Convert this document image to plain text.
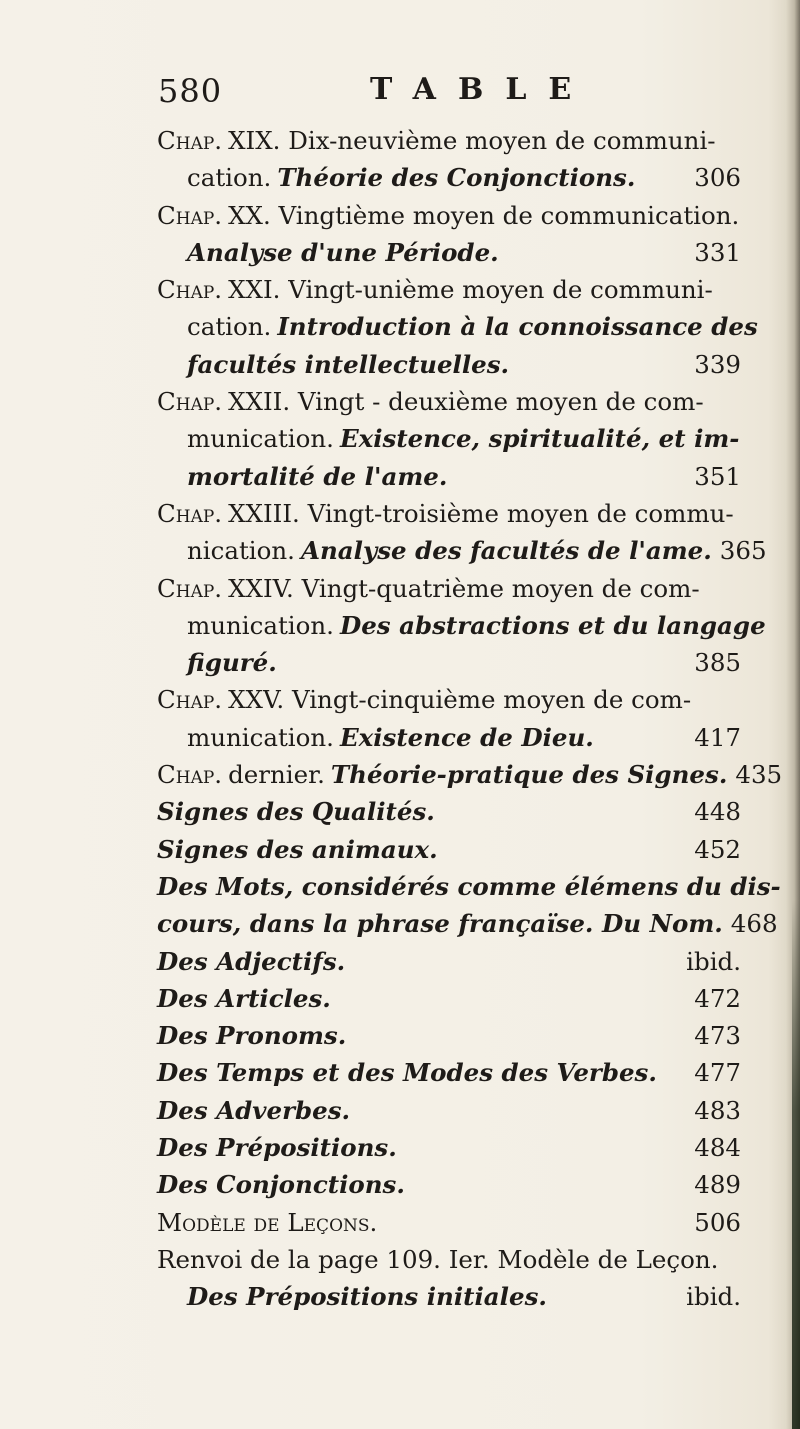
580	TABLE
Chap. XIX. Dix-neuvième moyen de communi-
cation. Théorie des Conjonctions.	306
Chap. XX. Vingtième moyen de communication.
Analyse d'une Période.	331
Chap. XXI. Vingt-unième moyen de communi-
cation. Introduction à la connoissance des
facultés intellectuelles.	339
Chap. XXII. Vingt - deuxième moyen de com-
munication. Existence, spiritualité, et im-
mortalité de l'ame.	351
Chap. XXIII. Vingt-troisième moyen de commu-
nication. Analyse des facultés de l'ame. 365
Chap. XXIV. Vingt-quatrième moyen de com-
munication. Des abstractions et du langage
figuré.	385
Chap. XXV. Vingt-cinquième moyen de com-
munication. Existence de Dieu.	417
Chap. dernier. Théorie-pratique des Signes. 435
Signes des Qualités.	448
Signes des animaux.	452
Des Mots, considérés comme élémens du dis-
cours, dans la phrase françaïse. Du Nom. 468
Des Adjectifs.	ibid.
Des Articles.	472
Des Pronoms.	473
Des Temps et des Modes des Verbes.	477
Des Adverbes.	483
Des Prépositions.	484
Des Conjonctions.	489
Modèle de Leçons.	506
Renvoi de la page 109. Ier. Modèle de Leçon.
Des Prépositions initiales.	ibid.
